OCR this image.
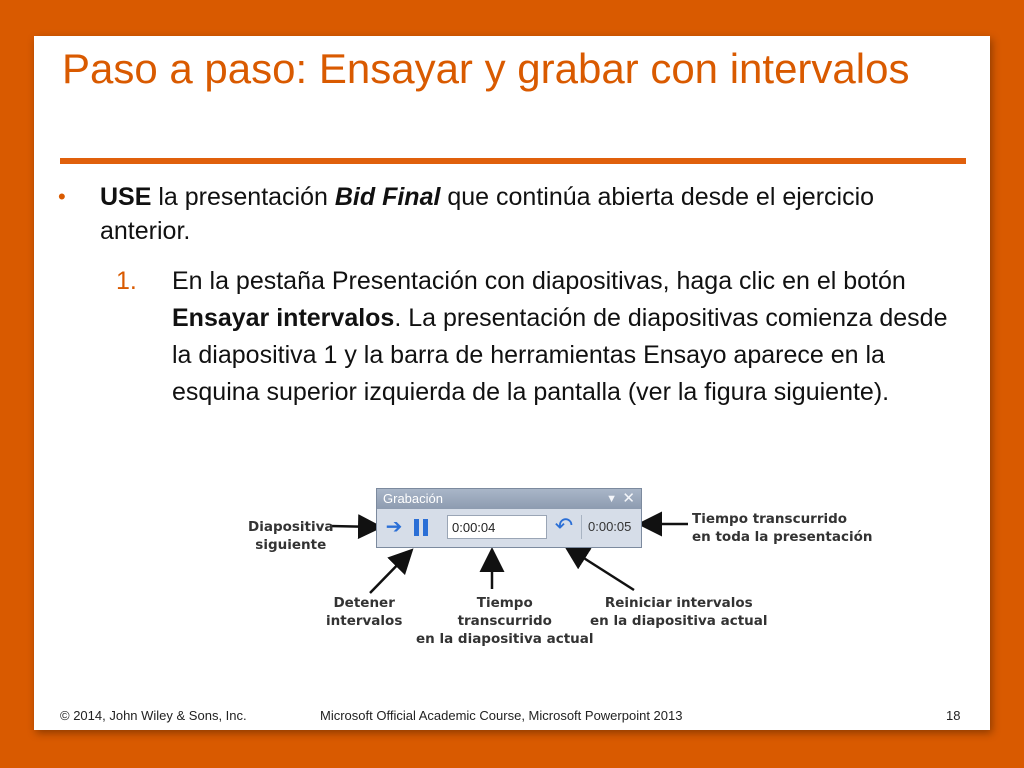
Paso a paso: Ensayar y grabar con intervalos
• USE la presentación Bid Final que continúa abierta desde el ejercicio anterior.
1. En la pestaña Presentación con diapositivas, haga clic en el botón Ensayar intervalos. La presentación de diapositivas comienza desde la diapositiva 1 y la barra de herramientas Ensayo aparece en la esquina superior izquierda de la pantalla (ver la figura siguiente).
Grabación	▼ ✕
➔	0:00:04	↶	0:00:05
Diapositiva
siguiente
Detener
intervalos
Tiempo
transcurrido
en la diapositiva actual
Reiniciar intervalos
en la diapositiva actual
Tiempo transcurrido
en toda la presentación
© 2014, John Wiley & Sons, Inc.	Microsoft Official Academic Course, Microsoft Powerpoint 2013	18
